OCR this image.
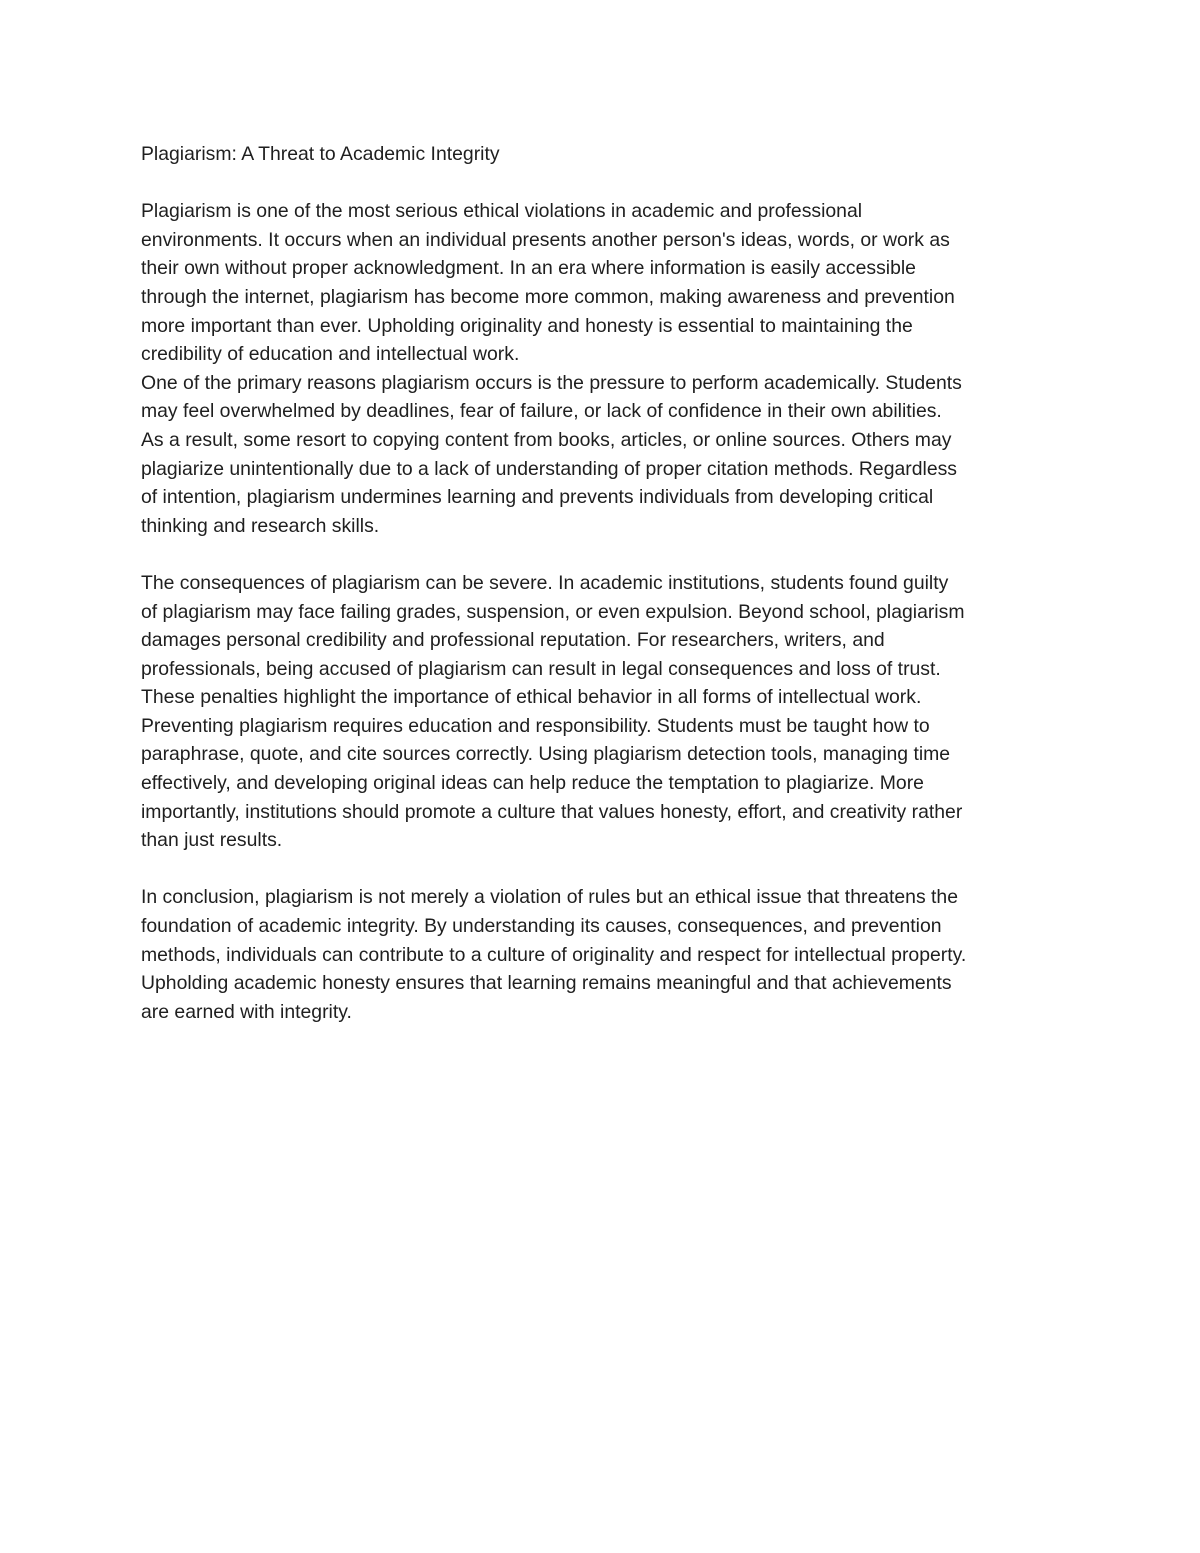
Plagiarism: A Threat to Academic Integrity

Plagiarism is one of the most serious ethical violations in academic and professional
environments. It occurs when an individual presents another person's ideas, words, or work as
their own without proper acknowledgment. In an era where information is easily accessible
through the internet, plagiarism has become more common, making awareness and prevention
more important than ever. Upholding originality and honesty is essential to maintaining the
credibility of education and intellectual work.

One of the primary reasons plagiarism occurs is the pressure to perform academically. Students
may feel overwhelmed by deadlines, fear of failure, or lack of confidence in their own abilities.
As a result, some resort to copying content from books, articles, or online sources. Others may
plagiarize unintentionally due to a lack of understanding of proper citation methods. Regardless
of intention, plagiarism undermines learning and prevents individuals from developing critical
thinking and research skills.

The consequences of plagiarism can be severe. In academic institutions, students found guilty
of plagiarism may face failing grades, suspension, or even expulsion. Beyond school, plagiarism
damages personal credibility and professional reputation. For researchers, writers, and
professionals, being accused of plagiarism can result in legal consequences and loss of trust.
These penalties highlight the importance of ethical behavior in all forms of intellectual work.

Preventing plagiarism requires education and responsibility. Students must be taught how to
paraphrase, quote, and cite sources correctly. Using plagiarism detection tools, managing time
effectively, and developing original ideas can help reduce the temptation to plagiarize. More
importantly, institutions should promote a culture that values honesty, effort, and creativity rather
than just results.

In conclusion, plagiarism is not merely a violation of rules but an ethical issue that threatens the
foundation of academic integrity. By understanding its causes, consequences, and prevention
methods, individuals can contribute to a culture of originality and respect for intellectual property.
Upholding academic honesty ensures that learning remains meaningful and that achievements
are earned with integrity.
